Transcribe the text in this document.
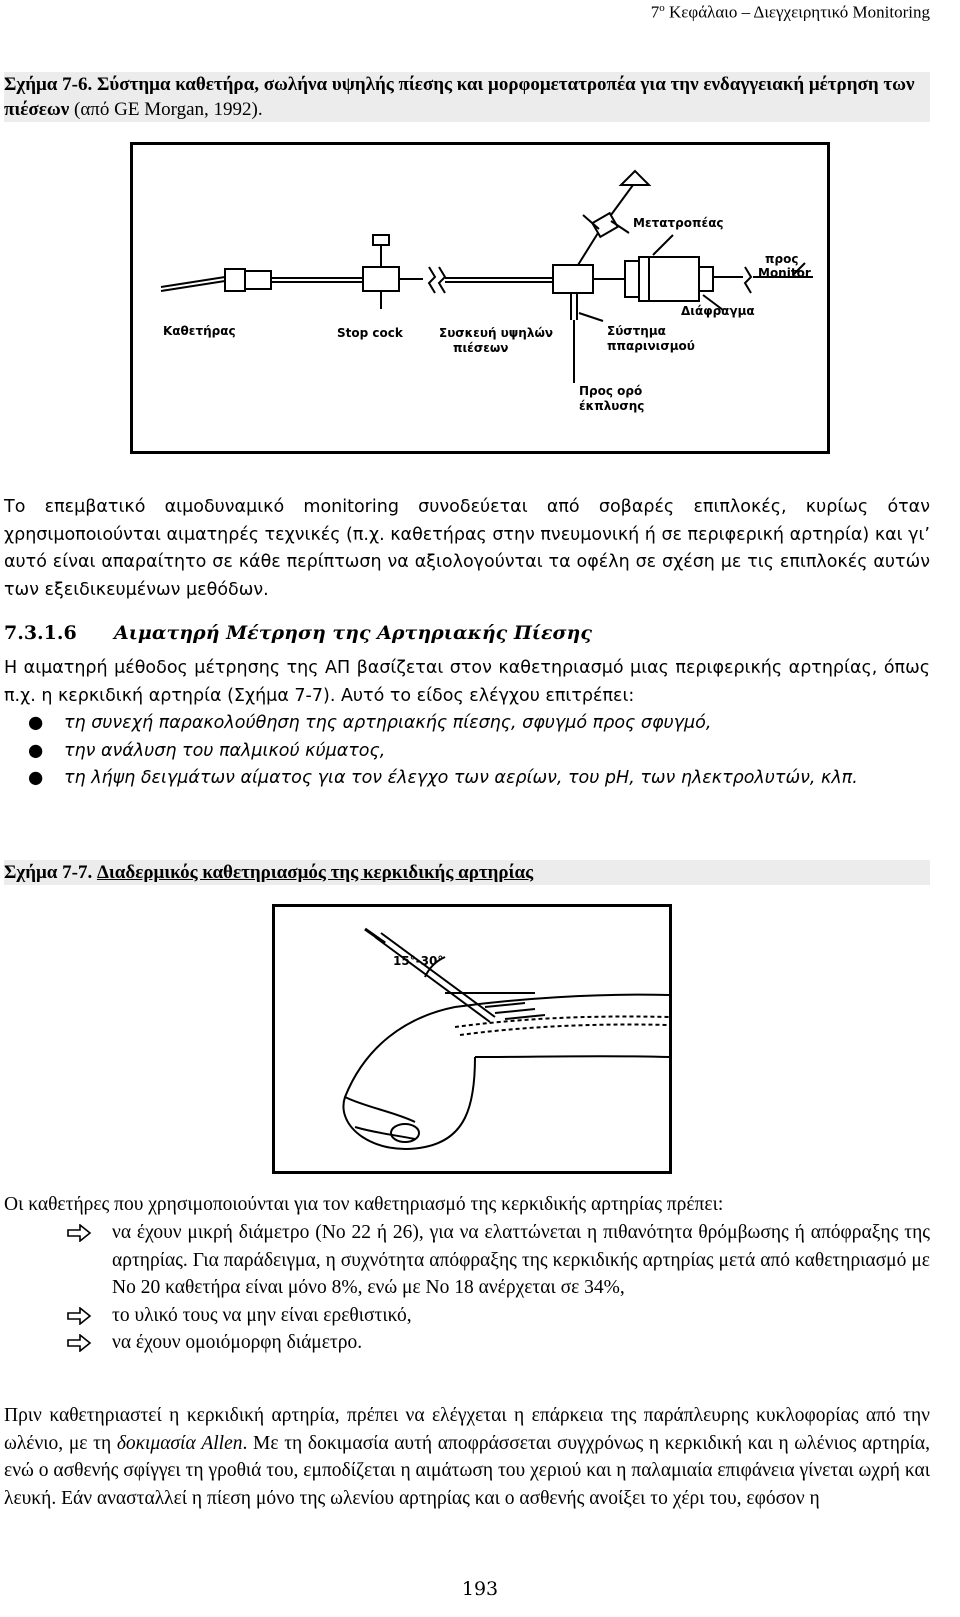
$7^o$ Κεφάλαιο – Διεγχειρητικό Monitoring
Σχήμα 7-6. Σύστημα καθετήρα, σωλήνα υψηλής πίεσης και μορφομετατροπέα για την ενδαγγειακή μέτρηση των πιέσεων (από GE Morgan, 1992).
Καθετήρας	Stop cock	Συσκευή υψηλών
πιέσεων
Μετατροπέας
προς
Monitor
Διάφραγμα
Σύστημα
ππαρινισμού
Προς ορό
έκπλυσης
Το επεμβατικό αιμοδυναμικό monitoring συνοδεύεται από σοβαρές επιπλοκές, κυρίως όταν χρησιμοποιούνται αιματηρές τεχνικές (π.χ. καθετήρας στην πνευμονική ή σε περιφερική αρτηρία) και γι’ αυτό είναι απαραίτητο σε κάθε περίπτωση να αξιολογούνται τα οφέλη σε σχέση με τις επιπλοκές αυτών των εξειδικευμένων μεθόδων.
7.3.1.6 Αιματηρή Μέτρηση της Αρτηριακής Πίεσης
Η αιματηρή μέθοδος μέτρησης της ΑΠ βασίζεται στον καθετηριασμό μιας περιφερικής αρτηρίας, όπως π.χ. η κερκιδική αρτηρία (Σχήμα 7-7). Αυτό το είδος ελέγχου επιτρέπει:
● τη συνεχή παρακολούθηση της αρτηριακής πίεσης, σφυγμό προς σφυγμό,
● την ανάλυση του παλμικού κύματος,
● τη λήψη δειγμάτων αίματος για τον έλεγχο των αερίων, του pH, των ηλεκτρολυτών, κλπ.
Σχήμα 7-7. Διαδερμικός καθετηριασμός της κερκιδικής αρτηρίας
15°-30°
Οι καθετήρες που χρησιμοποιούνται για τον καθετηριασμό της κερκιδικής αρτηρίας πρέπει:
να έχουν μικρή διάμετρο (Νο 22 ή 26), για να ελαττώνεται η πιθανότητα θρόμβωσης ή απόφραξης της αρτηρίας. Για παράδειγμα, η συχνότητα απόφραξης της κερκιδικής αρτηρίας μετά από καθετηριασμό με Νο 20 καθετήρα είναι μόνο 8%, ενώ με Νο 18 ανέρχεται σε 34%,
το υλικό τους να μην είναι ερεθιστικό,
να έχουν ομοιόμορφη διάμετρο.
Πριν καθετηριαστεί η κερκιδική αρτηρία, πρέπει να ελέγχεται η επάρκεια της παράπλευρης κυκλοφορίας από την ωλένιο, με τη δοκιμασία Allen. Με τη δοκιμασία αυτή αποφράσσεται συγχρόνως η κερκιδική και η ωλένιος αρτηρία, ενώ ο ασθενής σφίγγει τη γροθιά του, εμποδίζεται η αιμάτωση του χεριού και η παλαμιαία επιφάνεια γίνεται ωχρή και λευκή. Εάν ανασταλλεί η πίεση μόνο της ωλενίου αρτηρίας και ο ασθενής ανοίξει το χέρι του, εφόσον η
193
